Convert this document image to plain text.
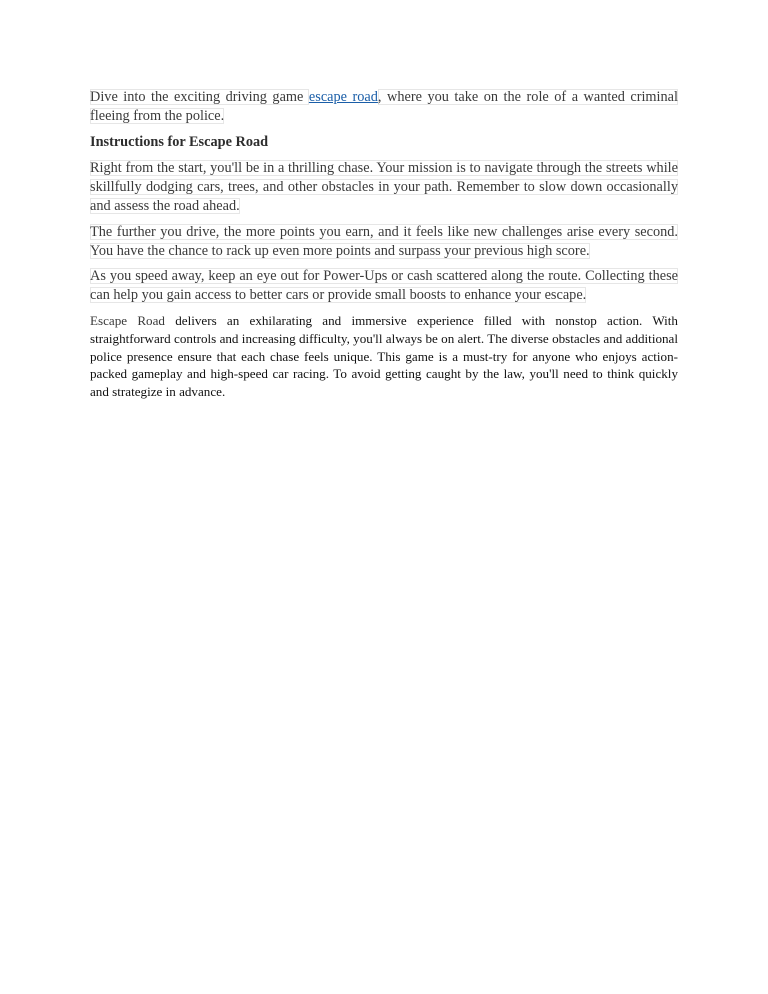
Dive into the exciting driving game escape road, where you take on the role of a wanted criminal fleeing from the police.

Instructions for Escape Road

Right from the start, you'll be in a thrilling chase. Your mission is to navigate through the streets while skillfully dodging cars, trees, and other obstacles in your path. Remember to slow down occasionally and assess the road ahead.

The further you drive, the more points you earn, and it feels like new challenges arise every second. You have the chance to rack up even more points and surpass your previous high score.

As you speed away, keep an eye out for Power-Ups or cash scattered along the route. Collecting these can help you gain access to better cars or provide small boosts to enhance your escape.

Escape Road delivers an exhilarating and immersive experience filled with nonstop action. With straightforward controls and increasing difficulty, you'll always be on alert. The diverse obstacles and additional police presence ensure that each chase feels unique. This game is a must-try for anyone who enjoys action-packed gameplay and high-speed car racing. To avoid getting caught by the law, you'll need to think quickly and strategize in advance.
